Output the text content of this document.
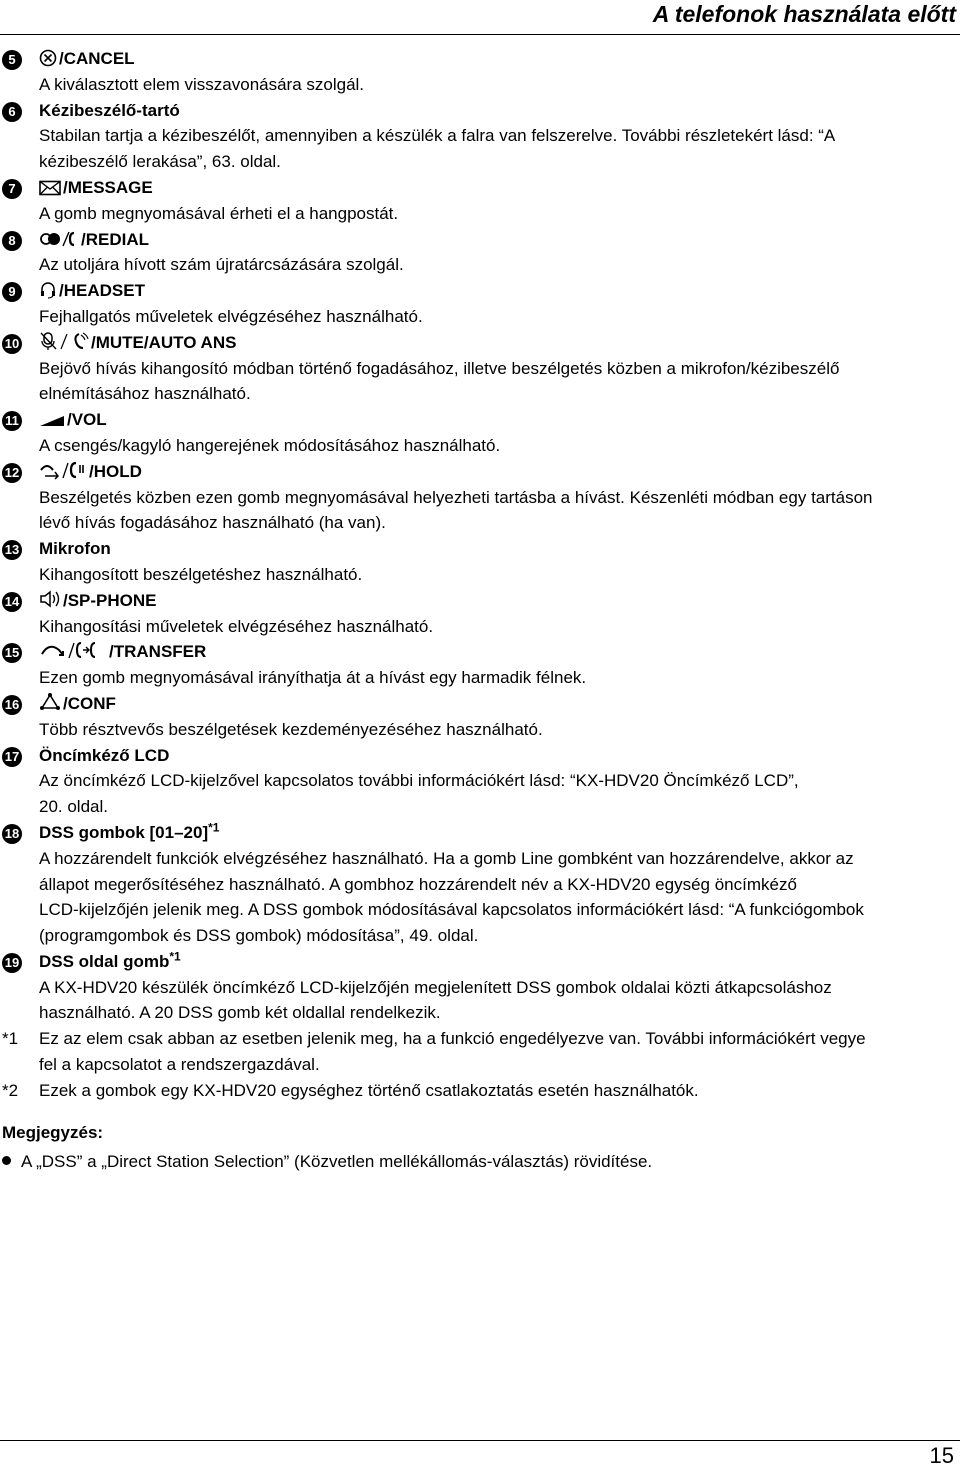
A telefonok használata előtt
5	/CANCEL
A kiválasztott elem visszavonására szolgál.
6	Kézibeszélő-tartó
Stabilan tartja a kézibeszélőt, amennyiben a készülék a falra van felszerelve. További részletekért lásd: “A
kézibeszélő lerakása”, 63. oldal.
7	/MESSAGE
A gomb megnyomásával érheti el a hangpostát.
8	/REDIAL
Az utoljára hívott szám újratárcsázására szolgál.
9	/HEADSET
Fejhallgatós műveletek elvégzéséhez használható.
10	/MUTE/AUTO ANS
Bejövő hívás kihangosító módban történő fogadásához, illetve beszélgetés közben a mikrofon/kézibeszélő
elnémításához használható.
11	/VOL
A csengés/kagyló hangerejének módosításához használható.
12	/HOLD
Beszélgetés közben ezen gomb megnyomásával helyezheti tartásba a hívást. Készenléti módban egy tartáson
lévő hívás fogadásához használható (ha van).
13 Mikrofon
Kihangosított beszélgetéshez használható.
14	/SP-PHONE
Kihangosítási műveletek elvégzéséhez használható.
15	/TRANSFER
Ezen gomb megnyomásával irányíthatja át a hívást egy harmadik félnek.
16	/CONF
Több résztvevős beszélgetések kezdeményezéséhez használható.
17 Öncímkéző LCD
Az öncímkéző LCD-kijelzővel kapcsolatos további információkért lásd: “KX-HDV20 Öncímkéző LCD”,
20. oldal.
18 DSS gombok $[01-20]^{*1}$
A hozzárendelt funkciók elvégzéséhez használható. Ha a gomb Line gombként van hozzárendelve, akkor az
állapot megerősítéséhez használható. A gombhoz hozzárendelt név a KX-HDV20 egység öncímkéző
LCD-kijelzőjén jelenik meg. A DSS gombok módosításával kapcsolatos információkért lásd: “A funkciógombok
(programgombok és DSS gombok) módosítása”, 49. oldal.
19 DSS oldal gomb$^{*1}$
A KX-HDV20 készülék öncímkéző LCD-kijelzőjén megjelenített DSS gombok oldalai közti átkapcsoláshoz
használható. A 20 DSS gomb két oldallal rendelkezik.
*1 Ez az elem csak abban az esetben jelenik meg, ha a funkció engedélyezve van. További információkért vegye
fel a kapcsolatot a rendszergazdával.
*2 Ezek a gombok egy KX-HDV20 egységhez történő csatlakoztatás esetén használhatók.
Megjegyzés:
A „DSS” a „Direct Station Selection” (Közvetlen mellékállomás-választás) rövidítése.
15
